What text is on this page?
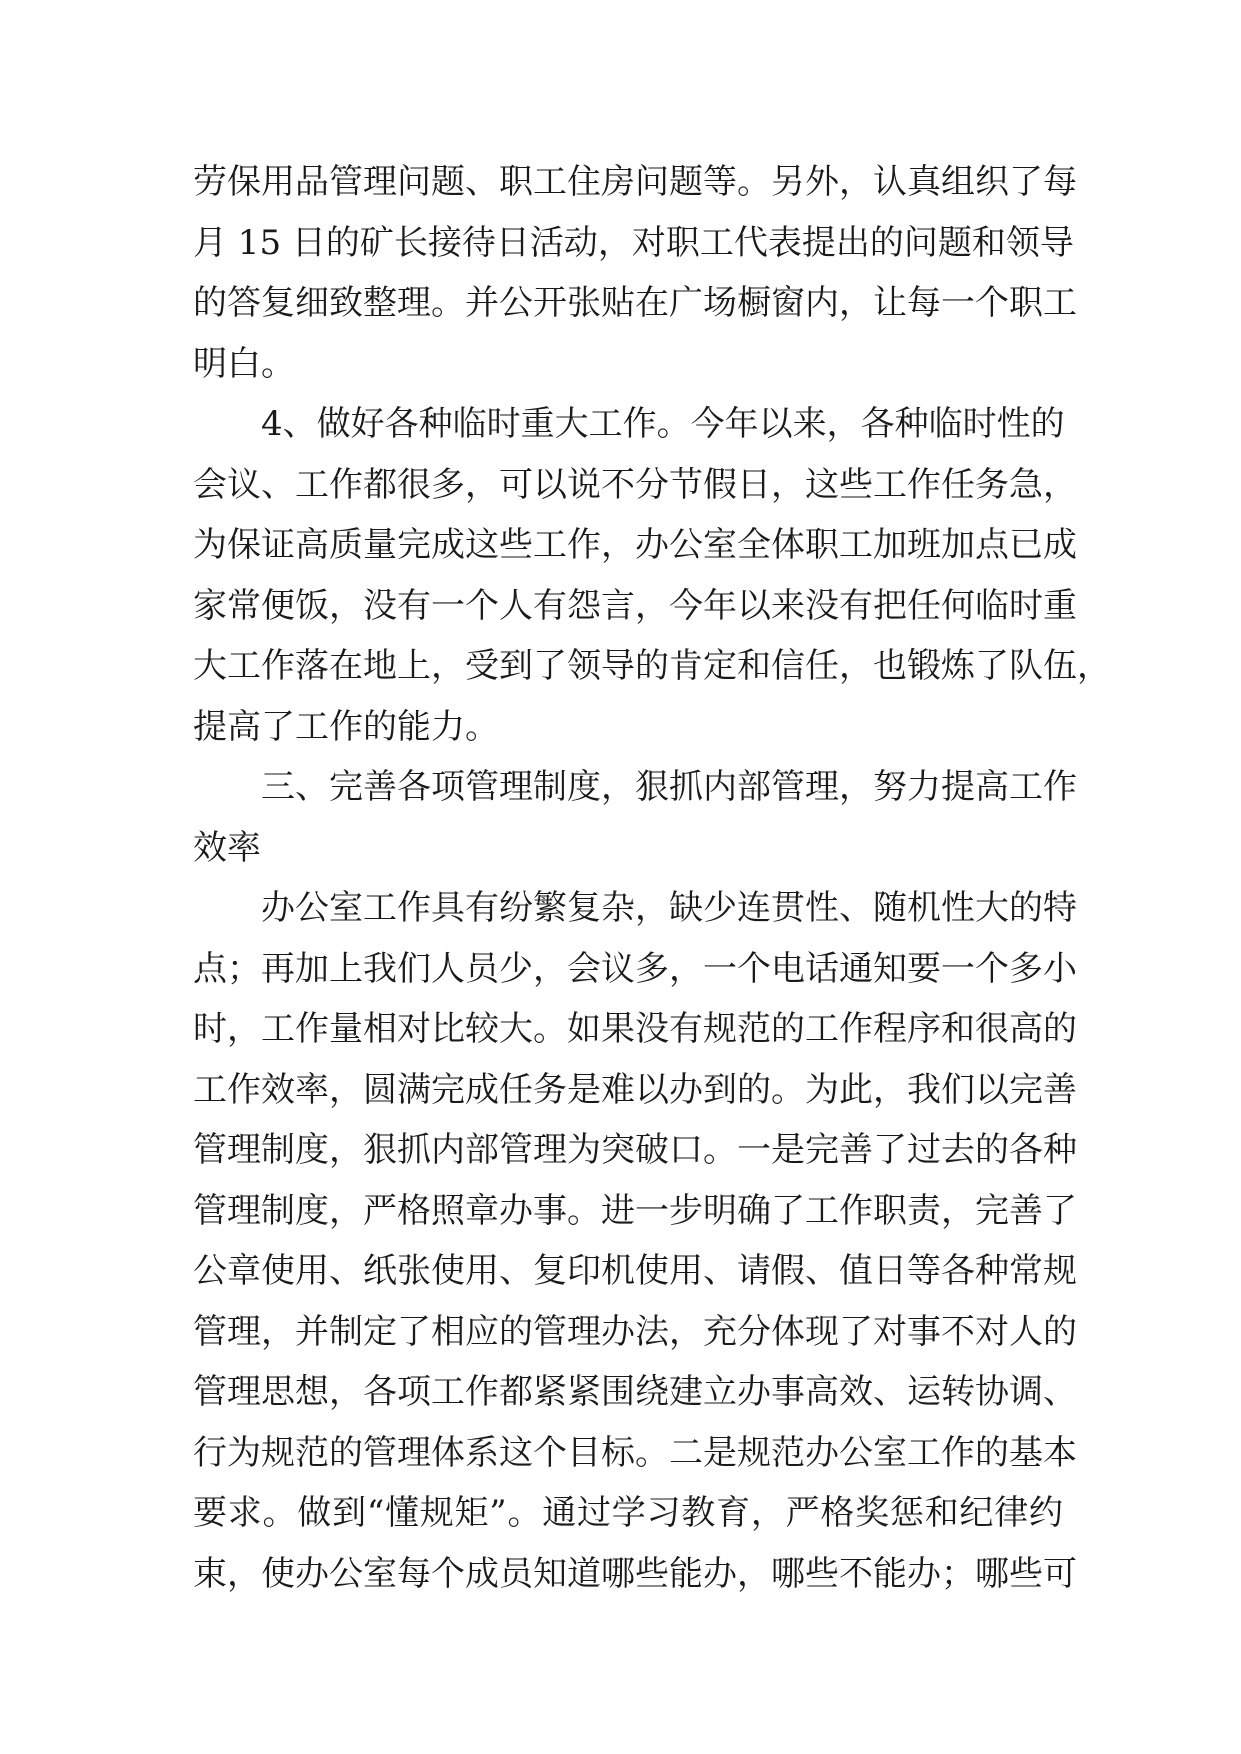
劳保用品管理问题、职工住房问题等。另外，认真组织了每
月 15 日的矿长接待日活动，对职工代表提出的问题和领导
的答复细致整理。并公开张贴在广场橱窗内，让每一个职工
明白。
4、做好各种临时重大工作。今年以来，各种临时性的
会议、工作都很多，可以说不分节假日，这些工作任务急，
为保证高质量完成这些工作，办公室全体职工加班加点已成
家常便饭，没有一个人有怨言，今年以来没有把任何临时重
大工作落在地上，受到了领导的肯定和信任，也锻炼了队伍，
提高了工作的能力。
三、完善各项管理制度，狠抓内部管理，努力提高工作
效率
办公室工作具有纷繁复杂，缺少连贯性、随机性大的特
点；再加上我们人员少，会议多，一个电话通知要一个多小
时，工作量相对比较大。如果没有规范的工作程序和很高的
工作效率，圆满完成任务是难以办到的。为此，我们以完善
管理制度，狠抓内部管理为突破口。一是完善了过去的各种
管理制度，严格照章办事。进一步明确了工作职责，完善了
公章使用、纸张使用、复印机使用、请假、值日等各种常规
管理，并制定了相应的管理办法，充分体现了对事不对人的
管理思想，各项工作都紧紧围绕建立办事高效、运转协调、
行为规范的管理体系这个目标。二是规范办公室工作的基本
要求。做到“懂规矩”。通过学习教育，严格奖惩和纪律约
束，使办公室每个成员知道哪些能办，哪些不能办；哪些可
